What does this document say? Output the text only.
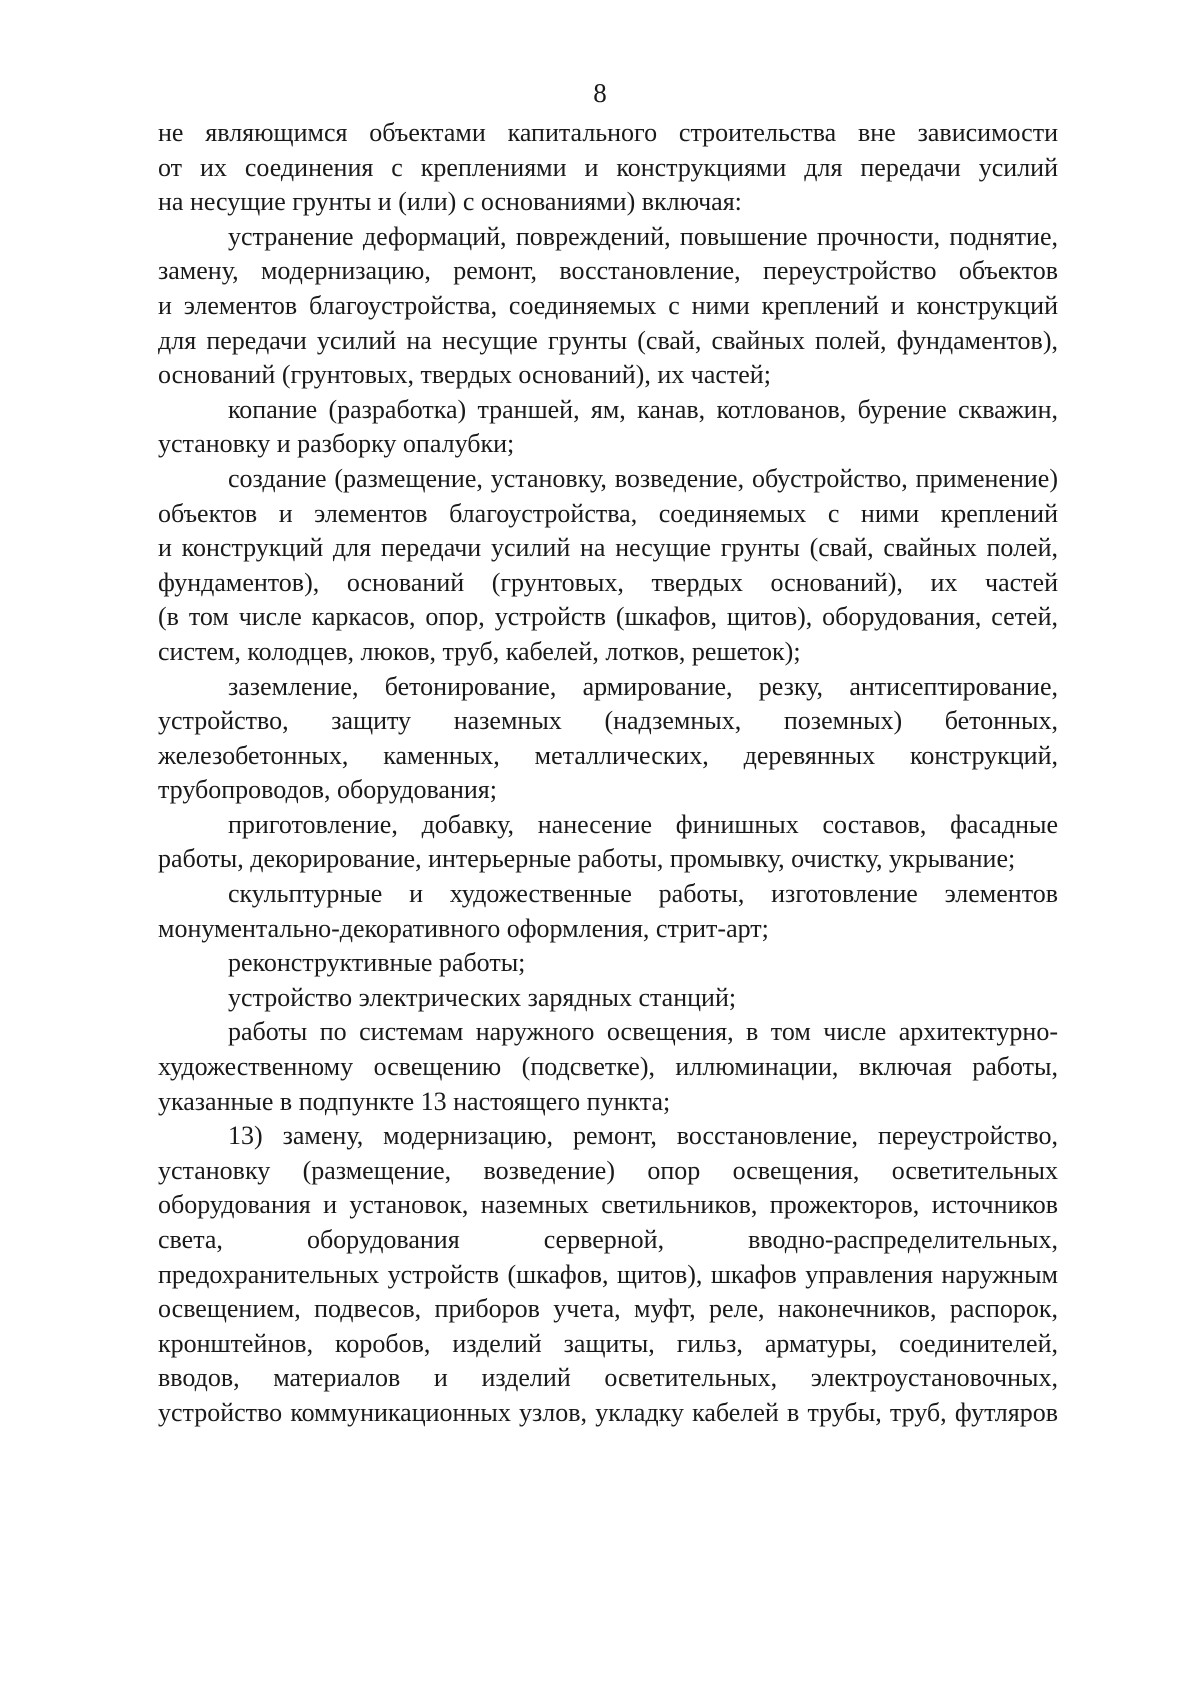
8
не являющимся объектами капитального строительства вне зависимости
от их соединения с креплениями и конструкциями для передачи усилий
на несущие грунты и (или) с основаниями) включая:
устранение деформаций, повреждений, повышение прочности, поднятие,
замену, модернизацию, ремонт, восстановление, переустройство объектов
и элементов благоустройства, соединяемых с ними креплений и конструкций
для передачи усилий на несущие грунты (свай, свайных полей, фундаментов),
оснований (грунтовых, твердых оснований), их частей;
копание (разработка) траншей, ям, канав, котлованов, бурение скважин,
установку и разборку опалубки;
создание (размещение, установку, возведение, обустройство, применение)
объектов и элементов благоустройства, соединяемых с ними креплений
и конструкций для передачи усилий на несущие грунты (свай, свайных полей,
фундаментов), оснований (грунтовых, твердых оснований), их частей
(в том числе каркасов, опор, устройств (шкафов, щитов), оборудования, сетей,
систем, колодцев, люков, труб, кабелей, лотков, решеток);
заземление, бетонирование, армирование, резку, антисептирование,
устройство, защиту наземных (надземных, поземных) бетонных,
железобетонных, каменных, металлических, деревянных конструкций,
трубопроводов, оборудования;
приготовление, добавку, нанесение финишных составов, фасадные
работы, декорирование, интерьерные работы, промывку, очистку, укрывание;
скульптурные и художественные работы, изготовление элементов
монументально-декоративного оформления, стрит-арт;
реконструктивные работы;
устройство электрических зарядных станций;
работы по системам наружного освещения, в том числе архитектурно-
художественному освещению (подсветке), иллюминации, включая работы,
указанные в подпункте 13 настоящего пункта;
13) замену, модернизацию, ремонт, восстановление, переустройство,
установку (размещение, возведение) опор освещения, осветительных
оборудования и установок, наземных светильников, прожекторов, источников
света, оборудования серверной, вводно-распределительных,
предохранительных устройств (шкафов, щитов), шкафов управления наружным
освещением, подвесов, приборов учета, муфт, реле, наконечников, распорок,
кронштейнов, коробов, изделий защиты, гильз, арматуры, соединителей,
вводов, материалов и изделий осветительных, электроустановочных,
устройство коммуникационных узлов, укладку кабелей в трубы, труб, футляров
